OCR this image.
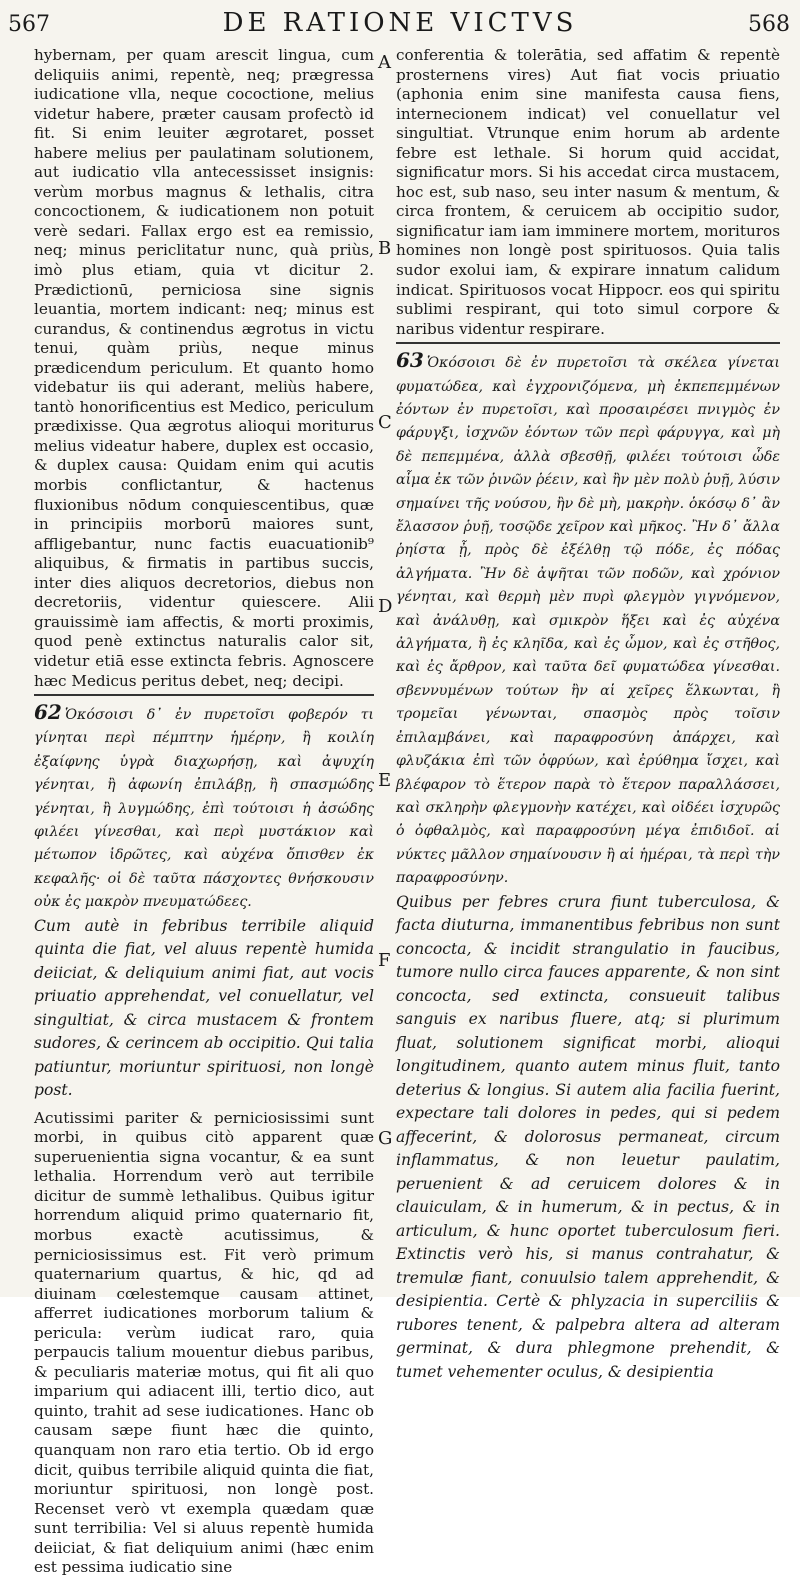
567	DE RATIONE VICTVS	568
A
B
C
D
E
F
G

hybernam, per quam arescit lingua, cum deliquiis animi, repentè, neq; prægressa iudicatione vlla, neque cococtione, melius videtur habere, præter causam profectò id fit. Si enim leuiter ægrotaret, posset habere melius per paulatinam solutionem, aut iudicatio vlla antecessisset insignis: verùm morbus magnus & lethalis, citra concoctionem, & iudicationem non potuit verè sedari. Fallax ergo est ea remissio, neq; minus periclitatur nunc, quà priùs, imò plus etiam, quia vt dicitur 2. Prædictionū, perniciosa sine signis leuantia, mortem indicant: neq; minus est curandus, & continendus ægrotus in victu tenui, quàm priùs, neque minus prædicendum periculum. Et quanto homo videbatur iis qui aderant, meliùs habere, tantò honorificentius est Medico, periculum prædixisse. Qua ægrotus alioqui moriturus melius videatur habere, duplex est occasio, & duplex causa: Quidam enim qui acutis morbis conflictantur, & hactenus fluxionibus nōdum conquiescentibus, quæ in principiis morborū maiores sunt, affligebantur, nunc factis euacuationib⁹ aliquibus, & firmatis in partibus succis, inter dies aliquos decretorios, diebus non decretoriis, videntur quiescere. Alii grauissimè iam affectis, & morti proximis, quod penè extinctus naturalis calor sit, videtur etiā esse extincta febris. Agnoscere hæc Medicus peritus debet, neq; decipi.

62 Ὁκόσοισι δ᾽ ἐν πυρετοῖσι φοβερόν τι γίνηται περὶ πέμπτην ἡμέρην, ἢ κοιλίη ἐξαίφνης ὑγρὰ διαχωρήσῃ, καὶ ἀψυχίη γένηται, ἢ ἀφωνίη ἐπιλάβῃ, ἢ σπασμώδης γένηται, ἢ λυγμώδης, ἐπὶ τούτοισι ἡ ἀσώδης φιλέει γίνεσθαι, καὶ περὶ μυστάκιον καὶ μέτωπον ἱδρῶτες, καὶ αὐχένα ὄπισθεν ἐκ κεφαλῆς· οἱ δὲ ταῦτα πάσχοντες θνήσκουσιν οὐκ ἐς μακρὸν πνευματώδεες.

Cum autè in febribus terribile aliquid quinta die fiat, vel aluus repentè humida deiiciat, & deliquium animi fiat, aut vocis priuatio apprehendat, vel conuellatur, vel singultiat, & circa mustacem & frontem sudores, & cerincem ab occipitio. Qui talia patiuntur, moriuntur spirituosi, non longè post.

Acutissimi pariter & perniciosissimi sunt morbi, in quibus citò apparent quæ superuenientia signa vocantur, & ea sunt lethalia. Horrendum verò aut terribile dicitur de summè lethalibus. Quibus igitur horrendum aliquid primo quaternario fit, morbus exactè acutissimus, & perniciosissimus est. Fit verò primum quaternarium quartus, & hic, qd ad diuinam cœlestemque causam attinet, afferret iudicationes morborum talium & pericula: verùm iudicat raro, quia perpaucis talium mouentur diebus paribus, & peculiaris materiæ motus, qui fit ali quo imparium qui adiacent illi, tertio dico, aut quinto, trahit ad sese iudicationes. Hanc ob causam sæpe fiunt hæc die quinto, quanquam non raro etia tertio. Ob id ergo dicit, quibus terribile aliquid quinta die fiat, moriuntur spirituosi, non longè post. Recenset verò vt exempla quædam quæ sunt terribilia: Vel si aluus repentè humida deiiciat, & fiat deliquium animi (hæc enim est pessima iudicatio sine

conferentia & tolerātia, sed affatim & repentè prosternens vires) Aut fiat vocis priuatio (aphonia enim sine manifesta causa fiens, internecionem indicat) vel conuellatur vel singultiat. Vtrunque enim horum ab ardente febre est lethale. Si horum quid accidat, significatur mors. Si his accedat circa mustacem, hoc est, sub naso, seu inter nasum & mentum, & circa frontem, & ceruicem ab occipitio sudor, significatur iam iam imminere mortem, morituros homines non longè post spirituosos. Quia talis sudor exolui iam, & expirare innatum calidum indicat. Spirituosos vocat Hippocr. eos qui spiritu sublimi respirant, qui toto simul corpore & naribus videntur respirare.

63 Ὁκόσοισι δὲ ἐν πυρετοῖσι τὰ σκέλεα γίνεται φυματώδεα, καὶ ἐγχρονιζόμενα, μὴ ἐκπεπεμμένων ἐόντων ἐν πυρετοῖσι, καὶ προσαιρέσει πνιγμὸς ἐν φάρυγξι, ἰσχνῶν ἐόντων τῶν περὶ φάρυγγα, καὶ μὴ δὲ πεπεμμένα, ἀλλὰ σβεσθῇ, φιλέει τούτοισι ὧδε αἷμα ἐκ τῶν ῥινῶν ῥέειν, καὶ ἢν μὲν πολὺ ῥυῇ, λύσιν σημαίνει τῆς νούσου, ἢν δὲ μὴ, μακρὴν. ὁκόσῳ δ᾽ ἂν ἔλασσον ῥυῇ, τοσῷδε χεῖρον καὶ μῆκος. Ἢν δ᾽ ἄλλα ῥηίστα ᾖ, πρὸς δὲ ἐξέλθῃ τῷ πόδε, ἐς πόδας ἀλγήματα. Ἢν δὲ ἀψῆται τῶν ποδῶν, καὶ χρόνιον γένηται, καὶ θερμὴ μὲν πυρὶ φλεγμὸν γιγνόμενον, καὶ ἀνάλυθῃ, καὶ σμικρὸν ἥξει καὶ ἐς αὐχένα ἀλγήματα, ἢ ἐς κληῖδα, καὶ ἐς ὦμον, καὶ ἐς στῆθος, καὶ ἐς ἄρθρον, καὶ ταῦτα δεῖ φυματώδεα γίνεσθαι. σβεννυμένων τούτων ἢν αἱ χεῖρες ἕλκωνται, ἢ τρομεῖαι γένωνται, σπασμὸς πρὸς τοῖσιν ἐπιλαμβάνει, καὶ παραφροσύνη ἀπάρχει, καὶ φλυζάκια ἐπὶ τῶν ὀφρύων, καὶ ἐρύθημα ἴσχει, καὶ βλέφαρον τὸ ἕτερον παρὰ τὸ ἕτερον παραλλάσσει, καὶ σκληρὴν φλεγμονὴν κατέχει, καὶ οἰδέει ἰσχυρῶς ὁ ὀφθαλμὸς, καὶ παραφροσύνη μέγα ἐπιδιδοῖ. αἱ νύκτες μᾶλλον σημαίνουσιν ἢ αἱ ἡμέραι, τὰ περὶ τὴν παραφροσύνην.

Quibus per febres crura fiunt tuberculosa, & facta diuturna, immanentibus febribus non sunt concocta, & incidit strangulatio in faucibus, tumore nullo circa fauces apparente, & non sint concocta, sed extincta, consueuit talibus sanguis ex naribus fluere, atq; si plurimum fluat, solutionem significat morbi, alioqui longitudinem, quanto autem minus fluit, tanto deterius & longius. Si autem alia facilia fuerint, expectare tali dolores in pedes, qui si pedem affecerint, & dolorosus permaneat, circum inflammatus, & non leuetur paulatim, peruenient & ad ceruicem dolores & in clauiculam, & in humerum, & in pectus, & in articulum, & hunc oportet tuberculosum fieri. Extinctis verò his, si manus contrahatur, & tremulæ fiant, conuulsio talem apprehendit, & desipientia. Certè & phlyzacia in superciliis & rubores tenent, & palpebra altera ad alteram germinat, & dura phlegmone prehendit, & tumet vehementer oculus, & desipientia
